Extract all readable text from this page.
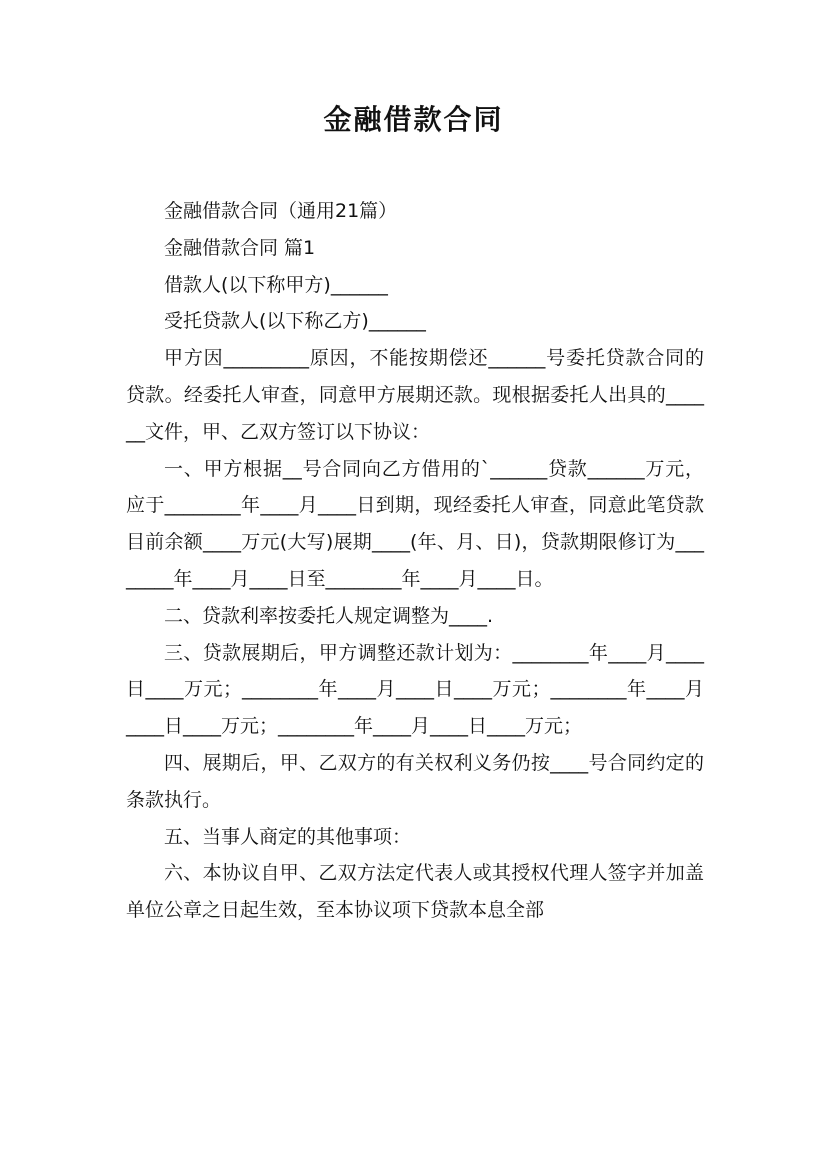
金融借款合同

金融借款合同（通用21篇）

金融借款合同 篇1

借款人(以下称甲方)______

受托贷款人(以下称乙方)______

甲方因_________原因，不能按期偿还______号委托贷款合同的贷款。经委托人审查，同意甲方展期还款。现根据委托人出具的______文件，甲、乙双方签订以下协议：

一、甲方根据__号合同向乙方借用的`______贷款______万元，应于________年____月____日到期，现经委托人审查，同意此笔贷款目前余额____万元(大写)展期____(年、月、日)，贷款期限修订为________年____月____日至________年____月____日。

二、贷款利率按委托人规定调整为____.

三、贷款展期后，甲方调整还款计划为：________年____月____日____万元；________年____月____日____万元；________年____月____日____万元；________年____月____日____万元；

四、展期后，甲、乙双方的有关权利义务仍按____号合同约定的条款执行。

五、当事人商定的其他事项：

六、本协议自甲、乙双方法定代表人或其授权代理人签字并加盖单位公章之日起生效，至本协议项下贷款本息全部
